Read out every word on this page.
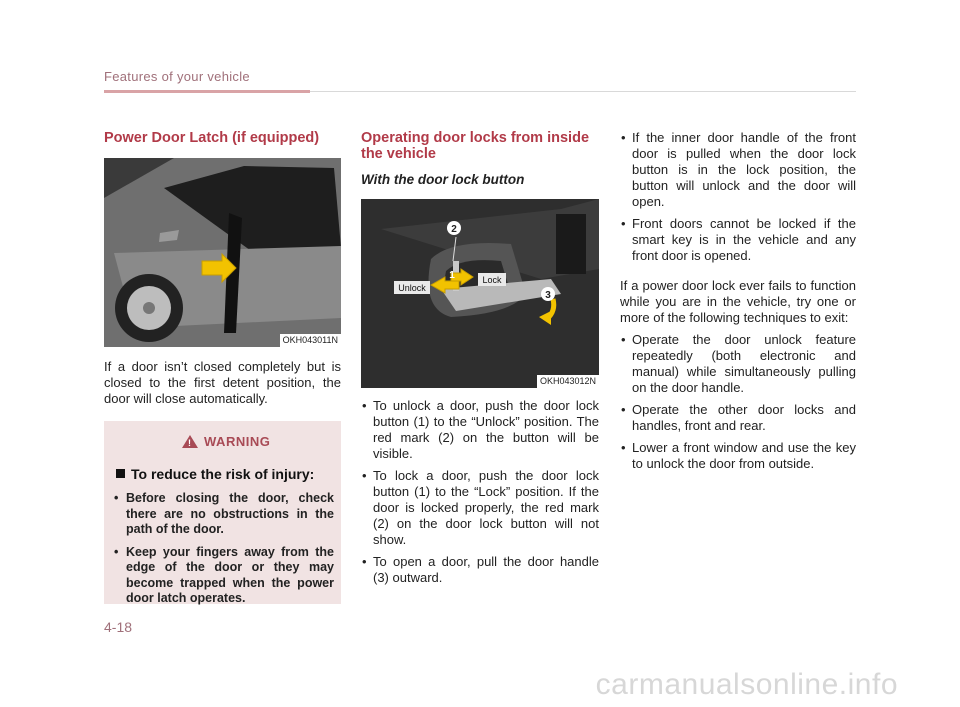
Features of your vehicle
Power Door Latch (if equipped)
OKH043011N

If a door isn’t closed completely but is closed to the first detent position, the door will close automatically.

! WARNING
To reduce the risk of injury:
• Before closing the door, check there are no obstructions in the path of the door.
• Keep your fingers away from the edge of the door or they may become trapped when the power door latch operates.
Operating door locks from inside the vehicle
With the door lock button
2
1
3
Unlock
Lock
OKH043012N
• To unlock a door, push the door lock button (1) to the “Unlock” position. The red mark (2) on the button will be visible.
• To lock a door, push the door lock button (1) to the “Lock” position. If the door is locked properly, the red mark (2) on the door lock button will not show.
• To open a door, pull the door handle (3) outward.
• If the inner door handle of the front door is pulled when the door lock button is in the lock position, the button will unlock and the door will open.
• Front doors cannot be locked if the smart key is in the vehicle and any front door is opened.

If a power door lock ever fails to function while you are in the vehicle, try one or more of the following techniques to exit:

• Operate the door unlock feature repeatedly (both electronic and manual) while simultaneously pulling on the door handle.
• Operate the other door locks and handles, front and rear.
• Lower a front window and use the key to unlock the door from outside.
4-18
carmanualsonline.info
